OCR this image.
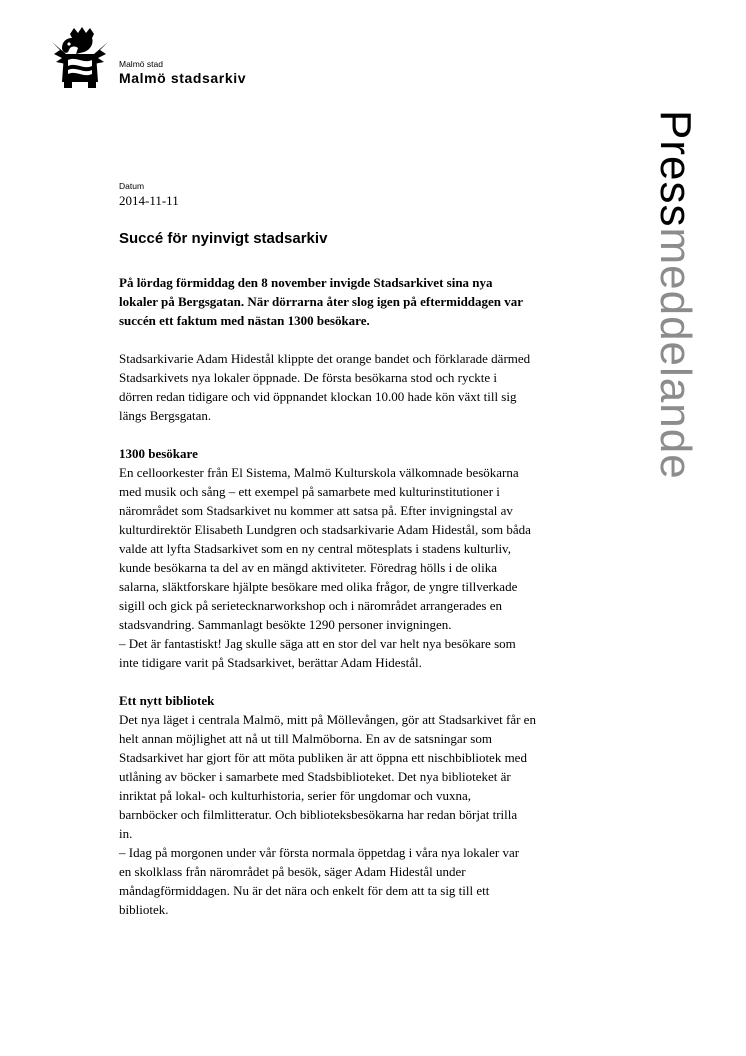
Malmö stad
Malmö stadsarkiv
Pressmeddelande
Datum
2014-11-11
Succé för nyinvigt stadsarkiv

På lördag förmiddag den 8 november invigde Stadsarkivet sina nya
lokaler på Bergsgatan. När dörrarna åter slog igen på eftermiddagen var
succén ett faktum med nästan 1300 besökare.

Stadsarkivarie Adam Hidestål klippte det orange bandet och förklarade därmed
Stadsarkivets nya lokaler öppnade. De första besökarna stod och ryckte i
dörren redan tidigare och vid öppnandet klockan 10.00 hade kön växt till sig
längs Bergsgatan.

1300 besökare

En celloorkester från El Sistema, Malmö Kulturskola välkomnade besökarna
med musik och sång – ett exempel på samarbete med kulturinstitutioner i
närområdet som Stadsarkivet nu kommer att satsa på. Efter invigningstal av
kulturdirektör Elisabeth Lundgren och stadsarkivarie Adam Hidestål, som båda
valde att lyfta Stadsarkivet som en ny central mötesplats i stadens kulturliv,
kunde besökarna ta del av en mängd aktiviteter. Föredrag hölls i de olika
salarna, släktforskare hjälpte besökare med olika frågor, de yngre tillverkade
sigill och gick på serietecknarworkshop och i närområdet arrangerades en
stadsvandring. Sammanlagt besökte 1290 personer invigningen.
– Det är fantastiskt! Jag skulle säga att en stor del var helt nya besökare som
inte tidigare varit på Stadsarkivet, berättar Adam Hidestål.

Ett nytt bibliotek

Det nya läget i centrala Malmö, mitt på Möllevången, gör att Stadsarkivet får en
helt annan möjlighet att nå ut till Malmöborna. En av de satsningar som
Stadsarkivet har gjort för att möta publiken är att öppna ett nischbibliotek med
utlåning av böcker i samarbete med Stadsbiblioteket. Det nya biblioteket är
inriktat på lokal- och kulturhistoria, serier för ungdomar och vuxna,
barnböcker och filmlitteratur. Och biblioteksbesökarna har redan börjat trilla
in.
– Idag på morgonen under vår första normala öppetdag i våra nya lokaler var
en skolklass från närområdet på besök, säger Adam Hidestål under
måndagförmiddagen. Nu är det nära och enkelt för dem att ta sig till ett
bibliotek.
